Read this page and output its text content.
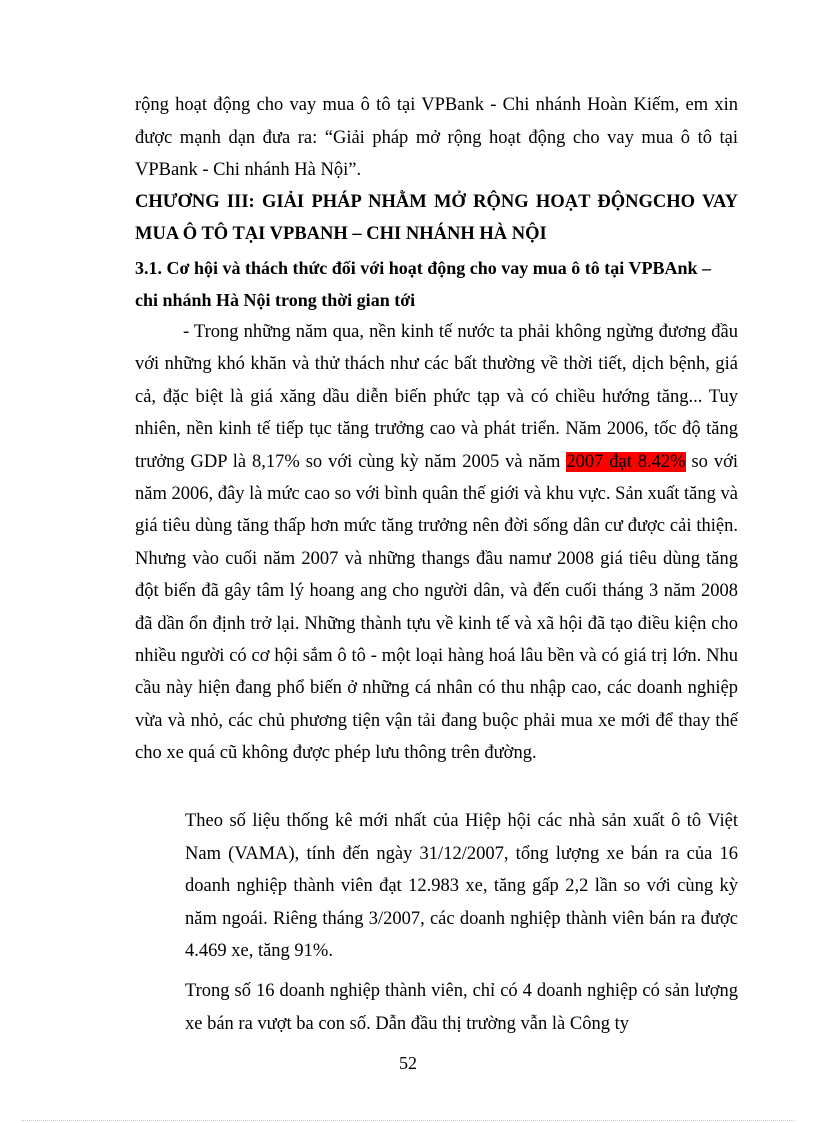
rộng hoạt động cho vay mua ô tô tại VPBank - Chi nhánh Hoàn Kiếm, em xin được mạnh dạn đưa ra: “Giải pháp mở rộng hoạt động cho vay mua ô tô tại VPBank - Chi nhánh Hà Nội”.
CHƯƠNG III: GIẢI PHÁP NHẰM MỞ RỘNG HOẠT ĐỘNGCHO VAY MUA Ô TÔ TẠI VPBANH – CHI NHÁNH HÀ NỘI
3.1. Cơ hội và thách thức đối với hoạt động cho vay mua ô tô tại VPBAnk – chi nhánh Hà Nội trong thời gian tới
- Trong những năm qua, nền kinh tế nước ta phải không ngừng đương đầu với những khó khăn và thử thách như các bất thường về thời tiết, dịch bệnh, giá cả, đặc biệt là giá xăng dầu diễn biến phức tạp và có chiều hướng tăng... Tuy nhiên, nền kinh tế tiếp tục tăng trưởng cao và phát triển. Năm 2006, tốc độ tăng trưởng GDP là 8,17% so với cùng kỳ năm 2005 và năm 2007 đạt 8.42% so với năm 2006, đây là mức cao so với bình quân thế giới và khu vực. Sản xuất tăng và giá tiêu dùng tăng thấp hơn mức tăng trưởng nên đời sống dân cư được cải thiện. Nhưng vào cuối năm 2007 và những thangs đầu namư 2008 giá tiêu dùng tăng đột biến đã gây tâm lý hoang ang cho người dân, và đến cuối tháng 3 năm 2008 đã dần ổn định trở lại. Những thành tựu về kinh tế và xã hội đã tạo điều kiện cho nhiều người có cơ hội sắm ô tô - một loại hàng hoá lâu bền và có giá trị lớn. Nhu cầu này hiện đang phổ biến ở những cá nhân có thu nhập cao, các doanh nghiệp vừa và nhỏ, các chủ phương tiện vận tải đang buộc phải mua xe mới để thay thế cho xe quá cũ không được phép lưu thông trên đường.
Theo số liệu thống kê mới nhất của Hiệp hội các nhà sản xuất ô tô Việt Nam (VAMA), tính đến ngày 31/12/2007, tổng lượng xe bán ra của 16 doanh nghiệp thành viên đạt 12.983 xe, tăng gấp 2,2 lần so với cùng kỳ năm ngoái. Riêng tháng 3/2007, các doanh nghiệp thành viên bán ra được 4.469 xe, tăng 91%.
Trong số 16 doanh nghiệp thành viên, chỉ có 4 doanh nghiệp có sản lượng xe bán ra vượt ba con số. Dẫn đầu thị trường vẫn là Công ty
52
